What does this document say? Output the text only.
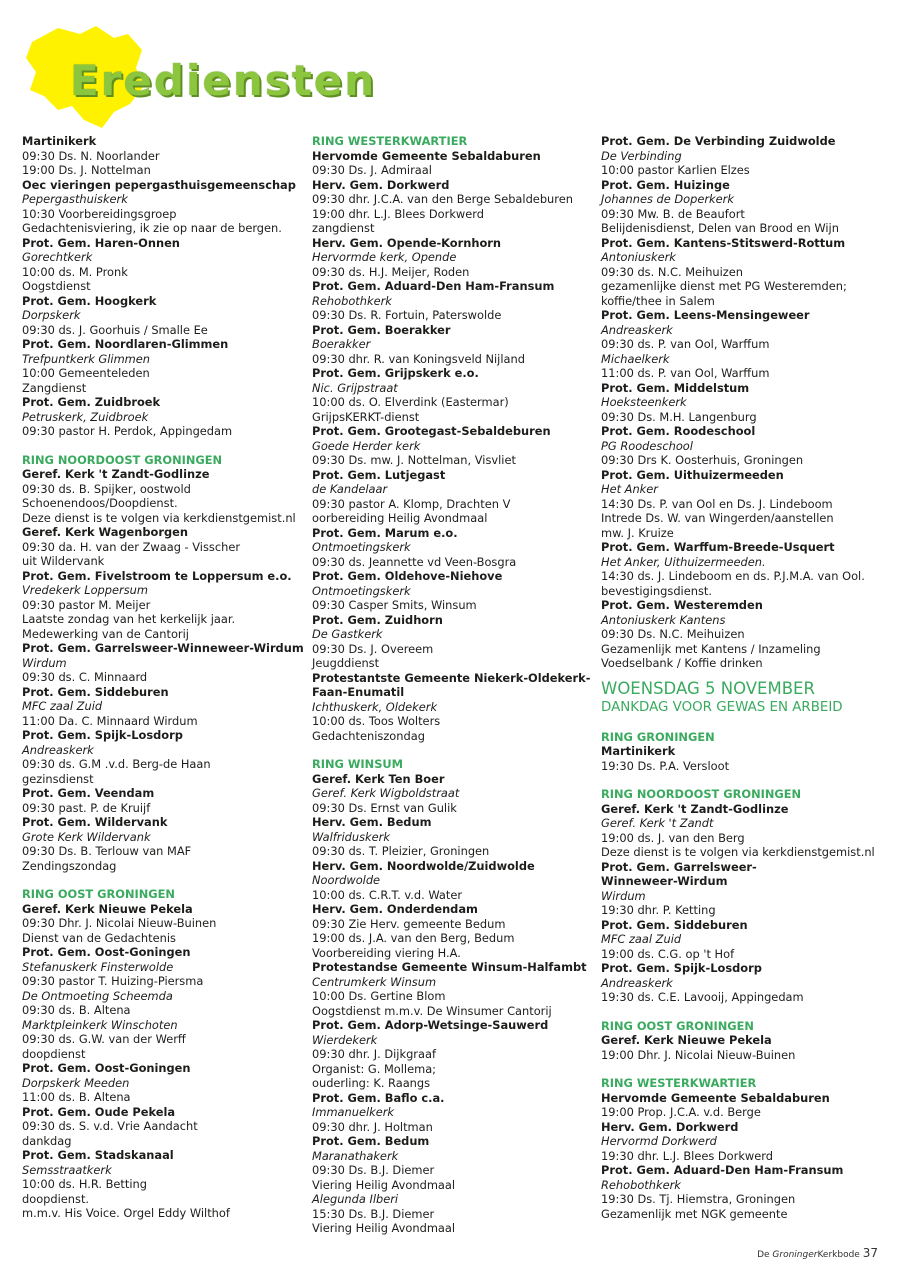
Erediensten
Martinikerk
09:30 Ds. N. Noorlander
19:00 Ds. J. Nottelman
Oec vieringen pepergasthuisgemeenschap
Pepergasthuiskerk
10:30 Voorbereidingsgroep
Gedachtenisviering, ik zie op naar de bergen.
Prot. Gem. Haren-Onnen
Gorechtkerk
10:00 ds. M. Pronk
Oogstdienst
Prot. Gem. Hoogkerk
Dorpskerk
09:30 ds. J. Goorhuis / Smalle Ee
Prot. Gem. Noordlaren-Glimmen
Trefpuntkerk Glimmen
10:00 Gemeenteleden
Zangdienst
Prot. Gem. Zuidbroek
Petruskerk, Zuidbroek
09:30 pastor H. Perdok, Appingedam
RING NOORDOOST GRONINGEN
Geref. Kerk 't Zandt-Godlinze
09:30 ds. B. Spijker, oostwold
Schoenendoos/Doopdienst.
Deze dienst is te volgen via kerkdienstgemist.nl
Geref. Kerk Wagenborgen
09:30 da. H. van der Zwaag - Visscher
uit Wildervank
Prot. Gem. Fivelstroom te Loppersum e.o.
Vredekerk Loppersum
09:30 pastor M. Meijer
Laatste zondag van het kerkelijk jaar.
Medewerking van de Cantorij
Prot. Gem. Garrelsweer-Winneweer-Wirdum
Wirdum
09:30 ds. C. Minnaard
Prot. Gem. Siddeburen
MFC zaal Zuid
11:00 Da. C. Minnaard Wirdum
Prot. Gem. Spijk-Losdorp
Andreaskerk
09:30 ds. G.M .v.d. Berg-de Haan
gezinsdienst
Prot. Gem. Veendam
09:30 past. P. de Kruijf
Prot. Gem. Wildervank
Grote Kerk Wildervank
09:30 Ds. B. Terlouw van MAF
Zendingszondag
RING OOST GRONINGEN
Geref. Kerk Nieuwe Pekela
09:30 Dhr. J. Nicolai Nieuw-Buinen
Dienst van de Gedachtenis
Prot. Gem. Oost-Goningen
Stefanuskerk Finsterwolde
09:30 pastor T. Huizing-Piersma
De Ontmoeting Scheemda
09:30 ds. B. Altena
Marktpleinkerk Winschoten
09:30 ds. G.W. van der Werff
doopdienst
Prot. Gem. Oost-Goningen
Dorpskerk Meeden
11:00 ds. B. Altena
Prot. Gem. Oude Pekela
09:30 ds. S. v.d. Vrie Aandacht
dankdag
Prot. Gem. Stadskanaal
Semsstraatkerk
10:00 ds. H.R. Betting
doopdienst.
m.m.v. His Voice. Orgel Eddy Wilthof
RING WESTERKWARTIER
Hervomde Gemeente Sebaldaburen
09:30 Ds. J. Admiraal
Herv. Gem. Dorkwerd
09:30 dhr. J.C.A. van den Berge Sebaldeburen
19:00 dhr. L.J. Blees Dorkwerd
zangdienst
Herv. Gem. Opende-Kornhorn
Hervormde kerk, Opende
09:30 ds. H.J. Meijer, Roden
Prot. Gem. Aduard-Den Ham-Fransum
Rehobothkerk
09:30 Ds. R. Fortuin, Paterswolde
Prot. Gem. Boerakker
Boerakker
09:30 dhr. R. van Koningsveld Nijland
Prot. Gem. Grijpskerk e.o.
Nic. Grijpstraat
10:00 ds. O. Elverdink (Eastermar)
GrijpsKERKT-dienst
Prot. Gem. Grootegast-Sebaldeburen
Goede Herder kerk
09:30 Ds. mw. J. Nottelman, Visvliet
Prot. Gem. Lutjegast
de Kandelaar
09:30 pastor A. Klomp, Drachten V
oorbereiding Heilig Avondmaal
Prot. Gem. Marum e.o.
Ontmoetingskerk
09:30 ds. Jeannette vd Veen-Bosgra
Prot. Gem. Oldehove-Niehove
Ontmoetingskerk
09:30 Casper Smits, Winsum
Prot. Gem. Zuidhorn
De Gastkerk
09:30 Ds. J. Overeem
Jeugddienst
Protestantste Gemeente Niekerk-Oldekerk-
Faan-Enumatil
Ichthuskerk, Oldekerk
10:00 ds. Toos Wolters
Gedachteniszondag
RING WINSUM
Geref. Kerk Ten Boer
Geref. Kerk Wigboldstraat
09:30 Ds. Ernst van Gulik
Herv. Gem. Bedum
Walfriduskerk
09:30 ds. T. Pleizier, Groningen
Herv. Gem. Noordwolde/Zuidwolde
Noordwolde
10:00 ds. C.R.T. v.d. Water
Herv. Gem. Onderdendam
09:30 Zie Herv. gemeente Bedum
19:00 ds. J.A. van den Berg, Bedum
Voorbereiding viering H.A.
Protestandse Gemeente Winsum-Halfambt
Centrumkerk Winsum
10:00 Ds. Gertine Blom
Oogstdienst m.m.v. De Winsumer Cantorij
Prot. Gem. Adorp-Wetsinge-Sauwerd
Wierdekerk
09:30 dhr. J. Dijkgraaf
Organist: G. Mollema;
ouderling: K. Raangs
Prot. Gem. Baflo c.a.
Immanuelkerk
09:30 dhr. J. Holtman
Prot. Gem. Bedum
Maranathakerk
09:30 Ds. B.J. Diemer
Viering Heilig Avondmaal
Alegunda Ilberi
15:30 Ds. B.J. Diemer
Viering Heilig Avondmaal
Prot. Gem. De Verbinding Zuidwolde
De Verbinding
10:00 pastor Karlien Elzes
Prot. Gem. Huizinge
Johannes de Doperkerk
09:30 Mw. B. de Beaufort
Belijdenisdienst, Delen van Brood en Wijn
Prot. Gem. Kantens-Stitswerd-Rottum
Antoniuskerk
09:30 ds. N.C. Meihuizen
gezamenlijke dienst met PG Westeremden;
koffie/thee in Salem
Prot. Gem. Leens-Mensingeweer
Andreaskerk
09:30 ds. P. van Ool, Warffum
Michaelkerk
11:00 ds. P. van Ool, Warffum
Prot. Gem. Middelstum
Hoeksteenkerk
09:30 Ds. M.H. Langenburg
Prot. Gem. Roodeschool
PG Roodeschool
09:30 Drs K. Oosterhuis, Groningen
Prot. Gem. Uithuizermeeden
Het Anker
14:30 Ds. P. van Ool en Ds. J. Lindeboom
Intrede Ds. W. van Wingerden/aanstellen
mw. J. Kruize
Prot. Gem. Warffum-Breede-Usquert
Het Anker, Uithuizermeeden.
14:30 ds. J. Lindeboom en ds. P.J.M.A. van Ool.
bevestigingsdienst.
Prot. Gem. Westeremden
Antoniuskerk Kantens
09:30 Ds. N.C. Meihuizen
Gezamenlijk met Kantens / Inzameling
Voedselbank / Koffie drinken
WOENSDAG 5 NOVEMBER
DANKDAG VOOR GEWAS EN ARBEID
RING GRONINGEN
Martinikerk
19:30 Ds. P.A. Versloot
RING NOORDOOST GRONINGEN
Geref. Kerk 't Zandt-Godlinze
Geref. Kerk 't Zandt
19:00 ds. J. van den Berg
Deze dienst is te volgen via kerkdienstgemist.nl
Prot. Gem. Garrelsweer-
Winneweer-Wirdum
Wirdum
19:30 dhr. P. Ketting
Prot. Gem. Siddeburen
MFC zaal Zuid
19:00 ds. C.G. op 't Hof
Prot. Gem. Spijk-Losdorp
Andreaskerk
19:30 ds. C.E. Lavooij, Appingedam
RING OOST GRONINGEN
Geref. Kerk Nieuwe Pekela
19:00 Dhr. J. Nicolai Nieuw-Buinen
RING WESTERKWARTIER
Hervomde Gemeente Sebaldaburen
19:00 Prop. J.C.A. v.d. Berge
Herv. Gem. Dorkwerd
Hervormd Dorkwerd
19:30 dhr. L.J. Blees Dorkwerd
Prot. Gem. Aduard-Den Ham-Fransum
Rehobothkerk
19:30 Ds. Tj. Hiemstra, Groningen
Gezamenlijk met NGK gemeente
De GroningerKerkbode 37
